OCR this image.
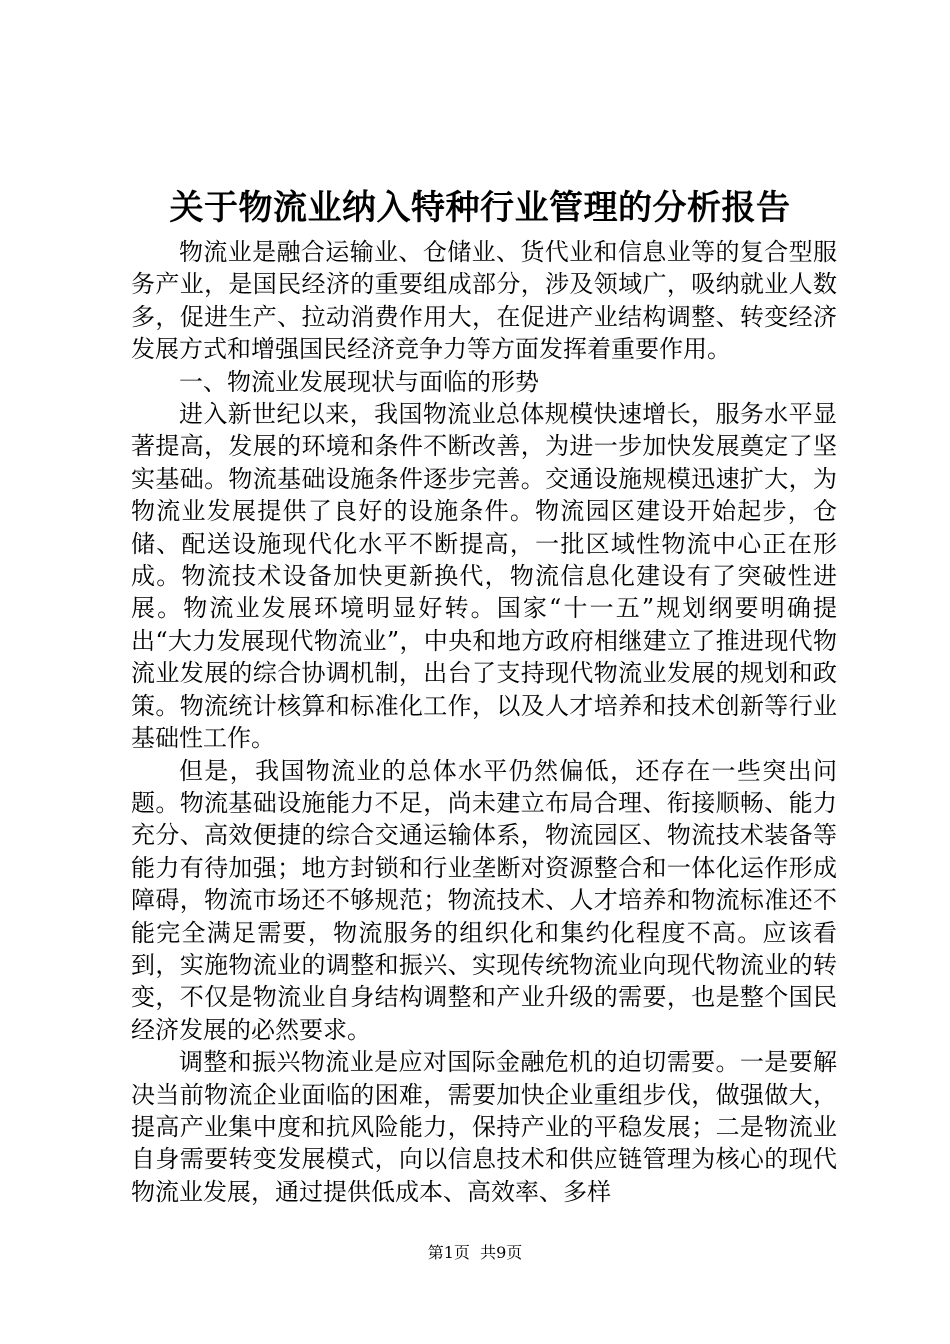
关于物流业纳入特种行业管理的分析报告

物流业是融合运输业、仓储业、货代业和信息业等的复合型服务产业，是国民经济的重要组成部分，涉及领域广，吸纳就业人数多，促进生产、拉动消费作用大，在促进产业结构调整、转变经济发展方式和增强国民经济竞争力等方面发挥着重要作用。

一、物流业发展现状与面临的形势

进入新世纪以来，我国物流业总体规模快速增长，服务水平显著提高，发展的环境和条件不断改善，为进一步加快发展奠定了坚实基础。物流基础设施条件逐步完善。交通设施规模迅速扩大，为物流业发展提供了良好的设施条件。物流园区建设开始起步，仓储、配送设施现代化水平不断提高，一批区域性物流中心正在形成。物流技术设备加快更新换代，物流信息化建设有了突破性进展。物流业发展环境明显好转。国家“十一五”规划纲要明确提出“大力发展现代物流业”，中央和地方政府相继建立了推进现代物流业发展的综合协调机制，出台了支持现代物流业发展的规划和政策。物流统计核算和标准化工作，以及人才培养和技术创新等行业基础性工作。

但是，我国物流业的总体水平仍然偏低，还存在一些突出问题。物流基础设施能力不足，尚未建立布局合理、衔接顺畅、能力充分、高效便捷的综合交通运输体系，物流园区、物流技术装备等能力有待加强；地方封锁和行业垄断对资源整合和一体化运作形成障碍，物流市场还不够规范；物流技术、人才培养和物流标准还不能完全满足需要，物流服务的组织化和集约化程度不高。应该看到，实施物流业的调整和振兴、实现传统物流业向现代物流业的转变，不仅是物流业自身结构调整和产业升级的需要，也是整个国民经济发展的必然要求。

调整和振兴物流业是应对国际金融危机的迫切需要。一是要解决当前物流企业面临的困难，需要加快企业重组步伐，做强做大，提高产业集中度和抗风险能力，保持产业的平稳发展；二是物流业自身需要转变发展模式，向以信息技术和供应链管理为核心的现代物流业发展，通过提供低成本、高效率、多样

第1页 共9页
